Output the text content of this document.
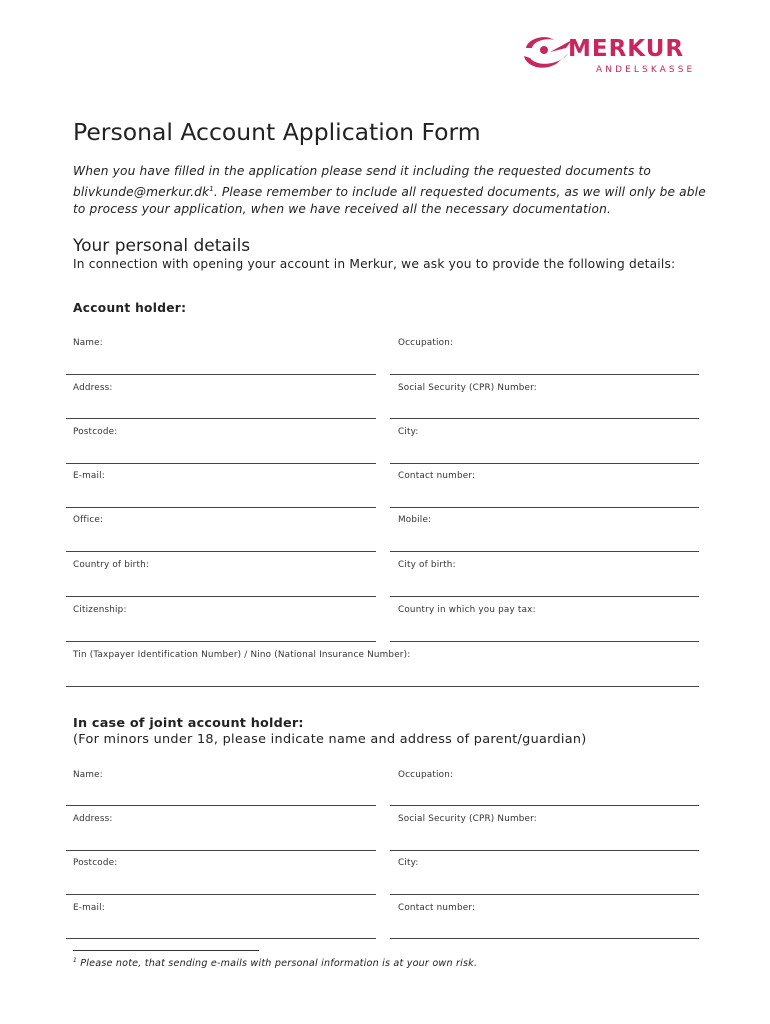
MERKUR
ANDELSKASSE
Personal Account Application Form
When you have filled in the application please send it including the requested documents to $blivkunde@merkur.dk^1$. Please remember to include all requested documents, as we will only be able to process your application, when we have received all the necessary documentation.
Your personal details
In connection with opening your account in Merkur, we ask you to provide the following details:
Account holder:
Name:	Occupation:
Address:	Social Security (CPR) Number:
Postcode:	City:
E-mail:	Contact number:
Office:	Mobile:
Country of birth:	City of birth:
Citizenship:	Country in which you pay tax:
Tin (Taxpayer Identification Number) / Nino (National Insurance Number):
In case of joint account holder:
(For minors under 18, please indicate name and address of parent/guardian)
Name:	Occupation:
Address:	Social Security (CPR) Number:
Postcode:	City:
E-mail:	Contact number:
$^1$ Please note, that sending e-mails with personal information is at your own risk.
